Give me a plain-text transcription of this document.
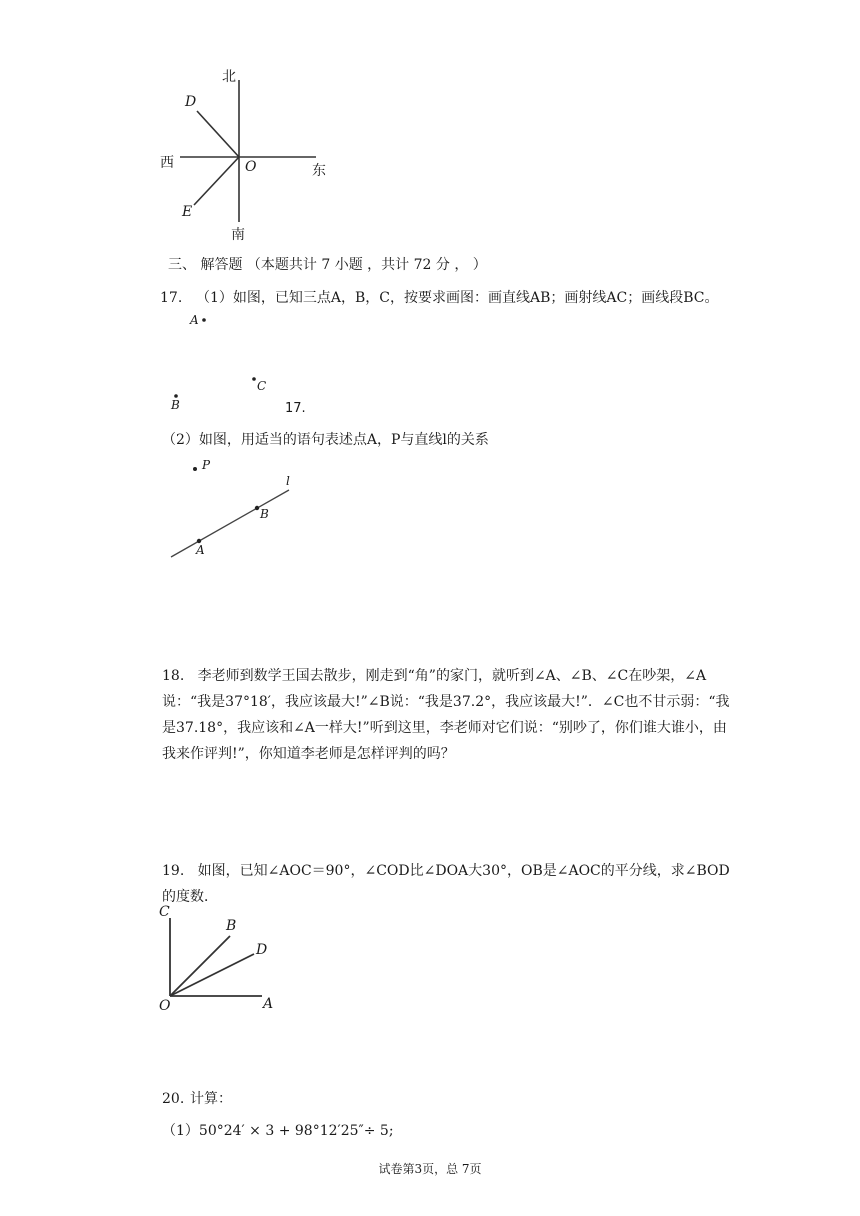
北
南
西	东
O
D
E
三、 解答题 （本题共计 7 小题 ，共计 72 分 ， ）
17. （1）如图，已知三点A，B，C，按要求画图：画直线AB；画射线AC；画线段BC。
A
B
C
17.
（2）如图，用适当的语句表述点A，P与直线l的关系
P
l
B
A
18. 李老师到数学王国去散步，刚走到“角”的家门，就听到∠A、∠B、∠C在吵架，∠A说：“我是37°18′，我应该最大!”∠B说：“我是37.2°，我应该最大!”．∠C也不甘示弱：“我是37.18°，我应该和∠A一样大!”听到这里，李老师对它们说：“别吵了，你们谁大谁小，由我来作评判!”，你知道李老师是怎样评判的吗？
19. 如图，已知∠AOC＝90°，∠COD比∠DOA大30°，OB是∠AOC的平分线，求∠BOD的度数．
C
B
D
O	A
20. 计算：
（1）50°24′ × 3 + 98°12′25″÷ 5;
试卷第3页，总 7页
